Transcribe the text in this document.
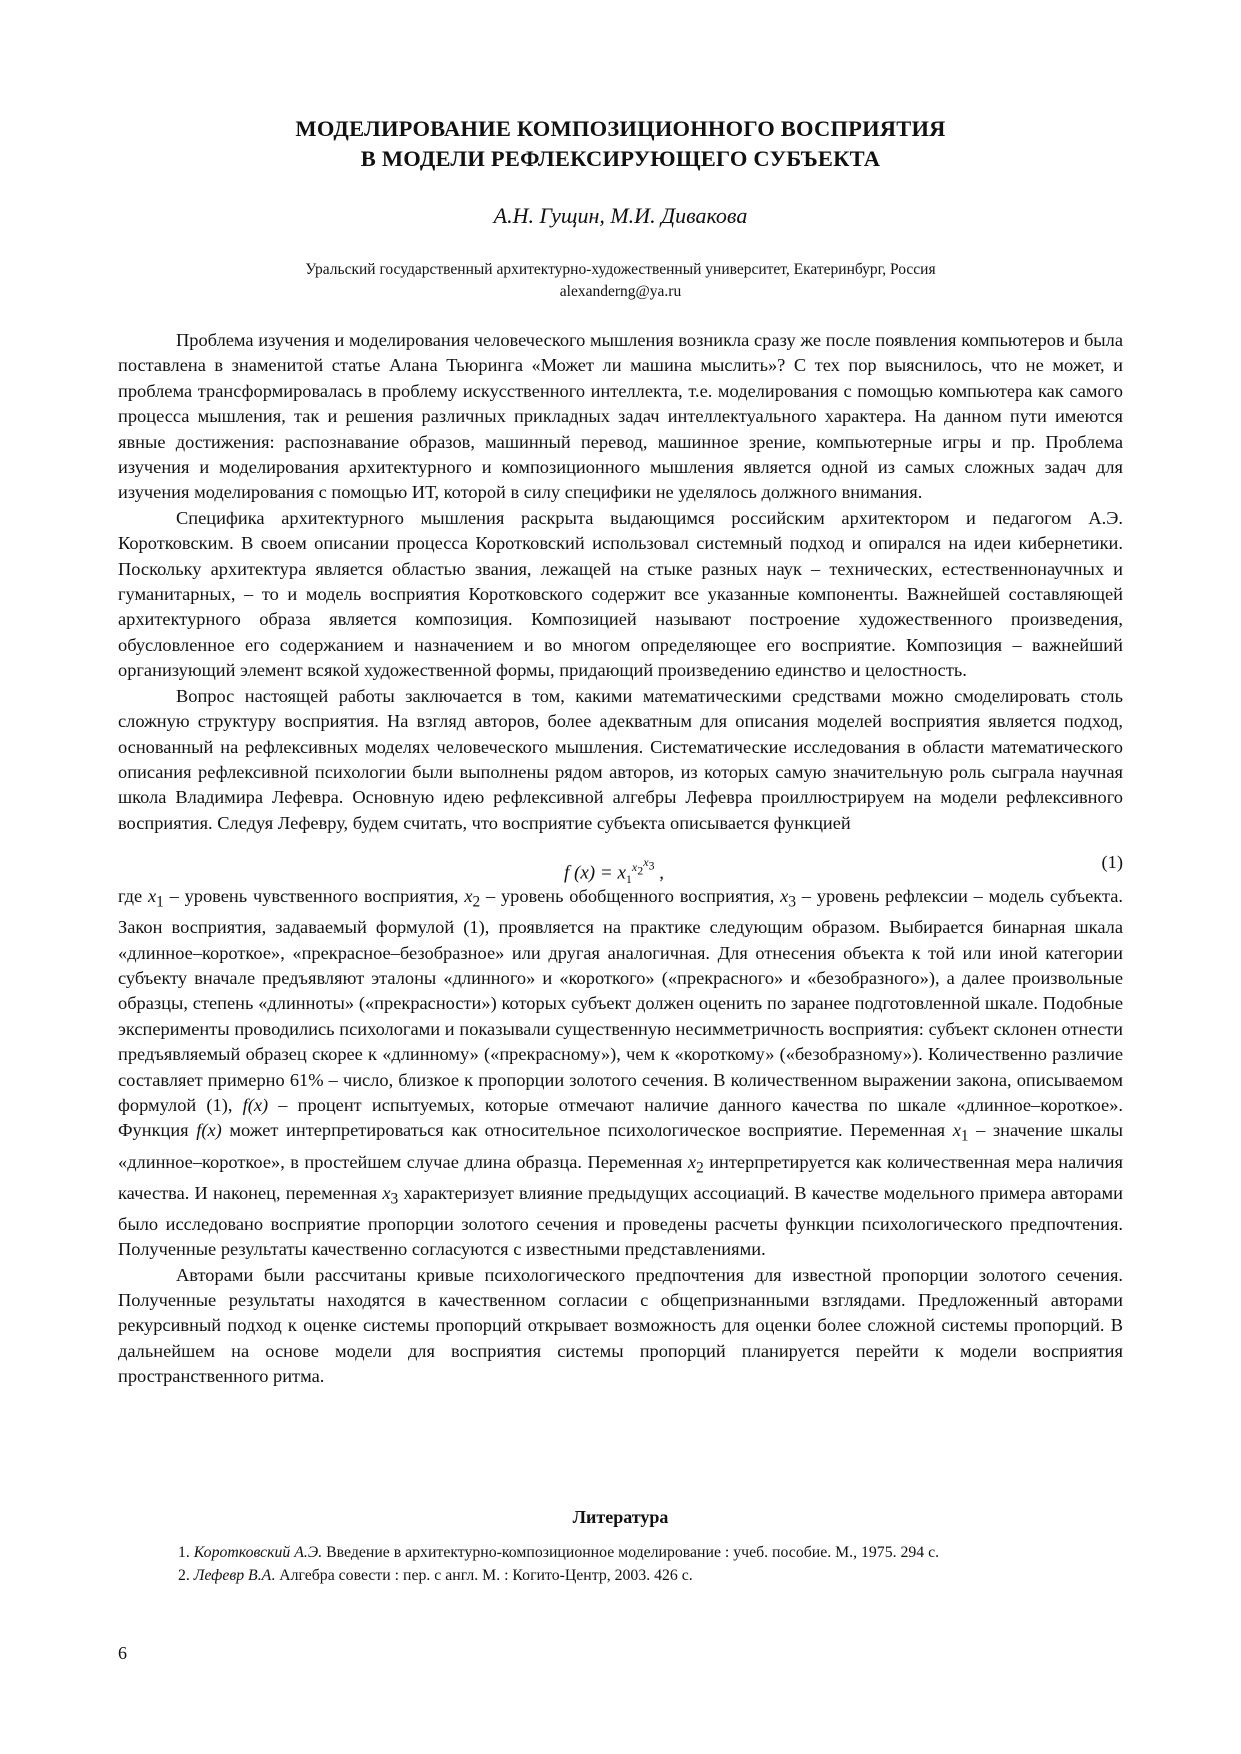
МОДЕЛИРОВАНИЕ КОМПОЗИЦИОННОГО ВОСПРИЯТИЯ
В МОДЕЛИ РЕФЛЕКСИРУЮЩЕГО СУБЪЕКТА
А.Н. Гущин, М.И. Дивакова
Уральский государственный архитектурно-художественный университет, Екатеринбург, Россия
alexanderng@ya.ru

Проблема изучения и моделирования человеческого мышления возникла сразу же после появления компьютеров и была поставлена в знаменитой статье Алана Тьюринга «Может ли машина мыслить»? С тех пор выяснилось, что не может, и проблема трансформировалась в проблему искусственного интеллекта, т.е. моделирования с помощью компьютера как самого процесса мышления, так и решения различных прикладных задач интеллектуального характера. На данном пути имеются явные достижения: распознавание образов, машинный перевод, машинное зрение, компьютерные игры и пр. Проблема изучения и моделирования архитектурного и композиционного мышления является одной из самых сложных задач для изучения моделирования с помощью ИТ, которой в силу специфики не уделялось должного внимания.

Специфика архитектурного мышления раскрыта выдающимся российским архитектором и педагогом А.Э. Коротковским. В своем описании процесса Коротковский использовал системный подход и опирался на идеи кибернетики. Поскольку архитектура является областью звания, лежащей на стыке разных наук – технических, естественнонаучных и гуманитарных, – то и модель восприятия Коротковского содержит все указанные компоненты. Важнейшей составляющей архитектурного образа является композиция. Композицией называют построение художественного произведения, обусловленное его содержанием и назначением и во многом определяющее его восприятие. Композиция – важнейший организующий элемент всякой художественной формы, придающий произведению единство и целостность.

Вопрос настоящей работы заключается в том, какими математическими средствами можно смоделировать столь сложную структуру восприятия. На взгляд авторов, более адекватным для описания моделей восприятия является подход, основанный на рефлексивных моделях человеческого мышления. Систематические исследования в области математического описания рефлексивной психологии были выполнены рядом авторов, из которых самую значительную роль сыграла научная школа Владимира Лефевра. Основную идею рефлексивной алгебры Лефевра проиллюстрируем на модели рефлексивного восприятия. Следуя Лефевру, будем считать, что восприятие субъекта описывается функцией

f $(x) = x_1^{x_2^{x_3}}$ ,
(1)

где $x_1$ – уровень чувственного восприятия, $x_2$ – уровень обобщенного восприятия, $x_3$ – уровень рефлексии – модель субъекта. Закон восприятия, задаваемый формулой (1), проявляется на практике следующим образом. Выбирается бинарная шкала «длинное–короткое», «прекрасное–безобразное» или другая аналогичная. Для отнесения объекта к той или иной категории субъекту вначале предъявляют эталоны «длинного» и «короткого» («прекрасного» и «безобразного»), а далее произвольные образцы, степень «длинноты» («прекрасности») которых субъект должен оценить по заранее подготовленной шкале. Подобные эксперименты проводились психологами и показывали существенную несимметричность восприятия: субъект склонен отнести предъявляемый образец скорее к «длинному» («прекрасному»), чем к «короткому» («безобразному»). Количественно различие составляет примерно 61% – число, близкое к пропорции золотого сечения. В количественном выражении закона, описываемом формулой (1), f(x) – процент испытуемых, которые отмечают наличие данного качества по шкале «длинное–короткое». Функция f(x) может интерпретироваться как относительное психологическое восприятие. Переменная $x_1$ – значение шкалы «длинное–короткое», в простейшем случае длина образца. Переменная $x_2$ интерпретируется как количественная мера наличия качества. И наконец, переменная $x_3$ характеризует влияние предыдущих ассоциаций. В качестве модельного примера авторами было исследовано восприятие пропорции золотого сечения и проведены расчеты функции психологического предпочтения. Полученные результаты качественно согласуются с известными представлениями.

Авторами были рассчитаны кривые психологического предпочтения для известной пропорции золотого сечения. Полученные результаты находятся в качественном согласии с общепризнанными взглядами. Предложенный авторами рекурсивный подход к оценке системы пропорций открывает возможность для оценки более сложной системы пропорций. В дальнейшем на основе модели для восприятия системы пропорций планируется перейти к модели восприятия пространственного ритма.

Литература
1. Коротковский А.Э. Введение в архитектурно-композиционное моделирование : учеб. пособие. М., 1975. 294 с.
2. Лефевр В.А. Алгебра совести : пер. с англ. М. : Когито-Центр, 2003. 426 с.
6
